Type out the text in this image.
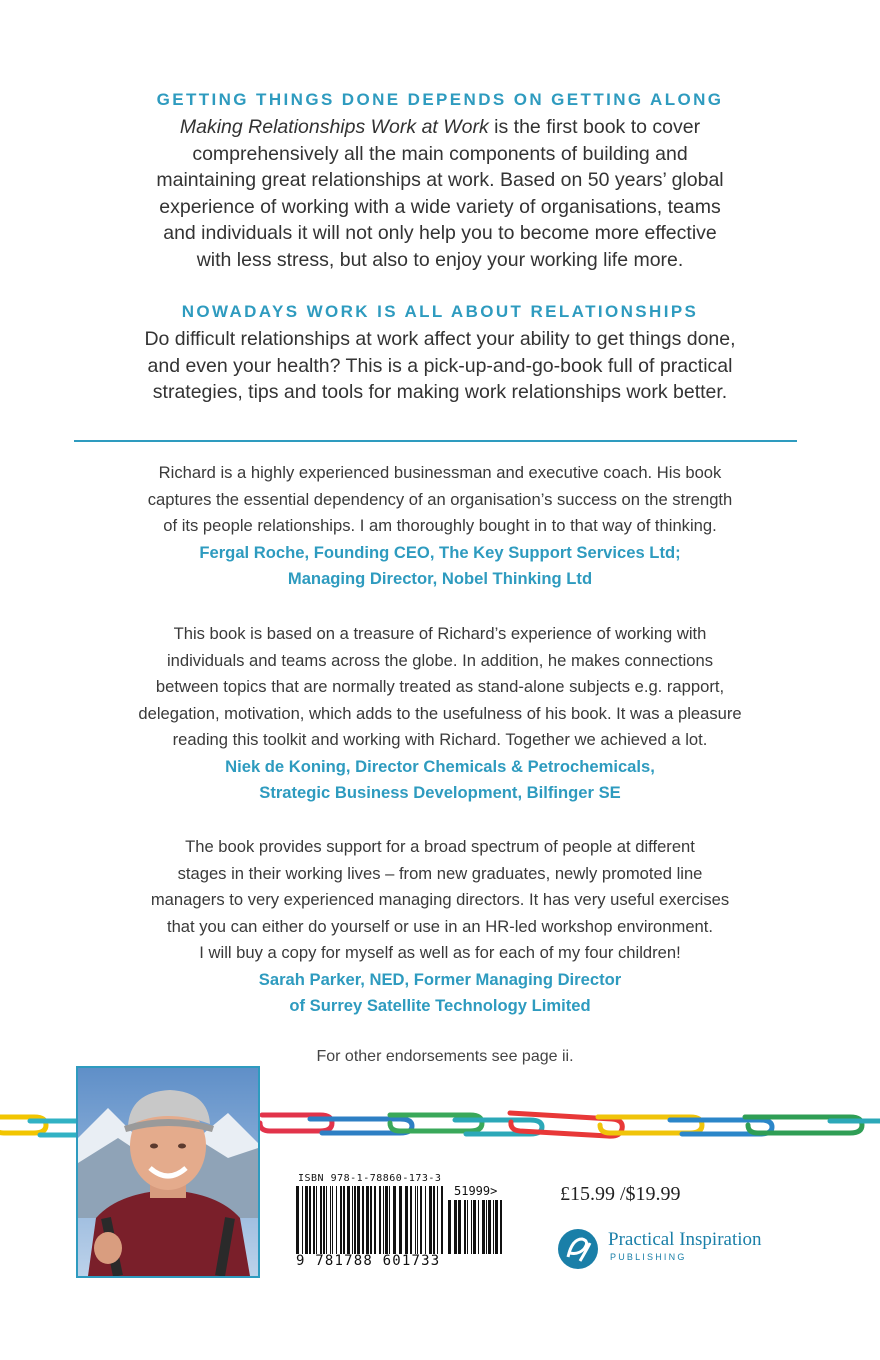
GETTING THINGS DONE DEPENDS ON GETTING ALONG
Making Relationships Work at Work is the first book to cover
comprehensively all the main components of building and
maintaining great relationships at work. Based on 50 years’ global
experience of working with a wide variety of organisations, teams
and individuals it will not only help you to become more effective
with less stress, but also to enjoy your working life more.
NOWADAYS WORK IS ALL ABOUT RELATIONSHIPS
Do difficult relationships at work affect your ability to get things done,
and even your health? This is a pick-up-and-go-book full of practical
strategies, tips and tools for making work relationships work better.
Richard is a highly experienced businessman and executive coach. His book
captures the essential dependency of an organisation’s success on the strength
of its people relationships. I am thoroughly bought in to that way of thinking.
Fergal Roche, Founding CEO, The Key Support Services Ltd;
Managing Director, Nobel Thinking Ltd
This book is based on a treasure of Richard’s experience of working with
individuals and teams across the globe. In addition, he makes connections
between topics that are normally treated as stand-alone subjects e.g. rapport,
delegation, motivation, which adds to the usefulness of his book. It was a pleasure
reading this toolkit and working with Richard. Together we achieved a lot.
Niek de Koning, Director Chemicals & Petrochemicals,
Strategic Business Development, Bilfinger SE
The book provides support for a broad spectrum of people at different
stages in their working lives – from new graduates, newly promoted line
managers to very experienced managing directors. It has very useful exercises
that you can either do yourself or use in an HR-led workshop environment.
I will buy a copy for myself as well as for each of my four children!
Sarah Parker, NED, Former Managing Director
of Surrey Satellite Technology Limited
For other endorsements see page ii.
ISBN 978-1-78860-173-3
51999>
9 781788 601733
£15.99 /$19.99
Practical Inspiration
PUBLISHING
